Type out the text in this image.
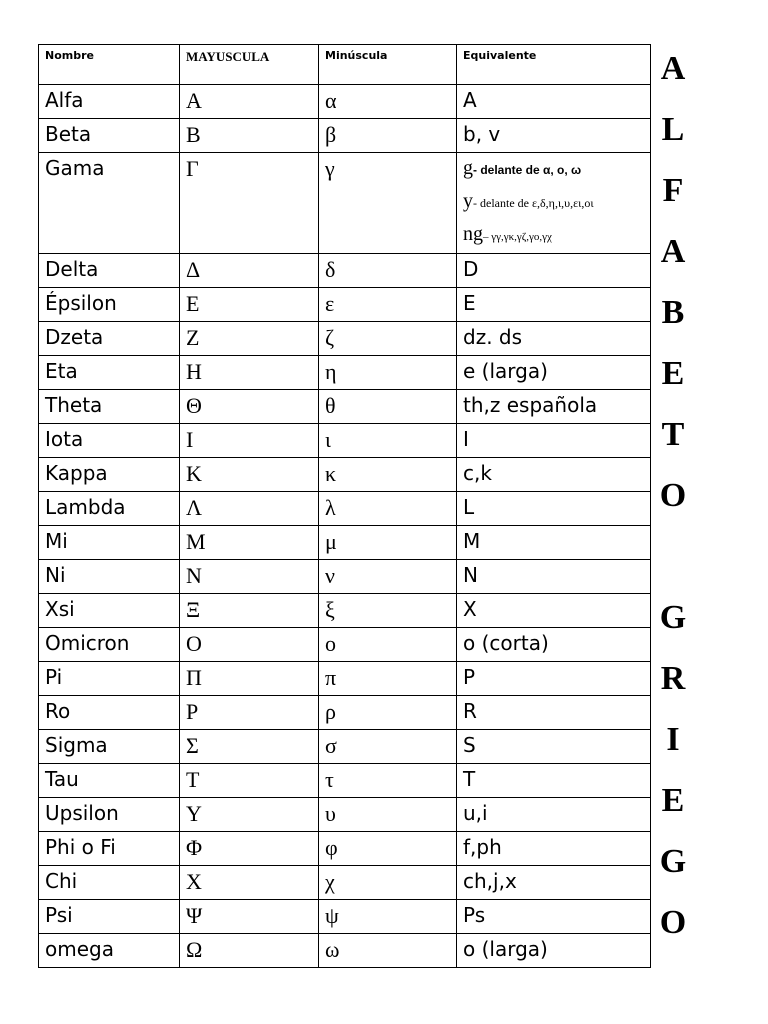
Nombre	MAYUSCULA	Minúscula	Equivalente
Alfa	Α	α	A
Beta	Β	β	b, v
Gama	Γ	γ	g- delante de α, ο, ω
y- delante de ε,δ,η,ι,υ,ει,οι
ng– γγ,γκ,γζ,γο,γχ

Delta	Δ	δ	D
Épsilon	Ε	ε	E
Dzeta	Ζ	ζ	dz. ds
Eta	Η	η	e (larga)
Theta	Θ	θ	th,z española
Iota	Ι	ι	I
Kappa	Κ	κ	c,k
Lambda	Λ	λ	L
Mi	Μ	μ	M
Ni	Ν	ν	N
Xsi	Ξ	ξ	X
Omicron	Ο	ο	o (corta)
Pi	Π	π	P
Ro	Ρ	ρ	R
Sigma	Σ	σ	S
Tau	Τ	τ	T
Upsilon	Υ	υ	u,i
Phi o Fi	Φ	φ	f,ph
Chi	Χ	χ	ch,j,x
Psi	Ψ	ψ	Ps
omega	Ω	ω	o (larga)
A
L
F
A
B
E
T
O
G
R
I
E
G
O
